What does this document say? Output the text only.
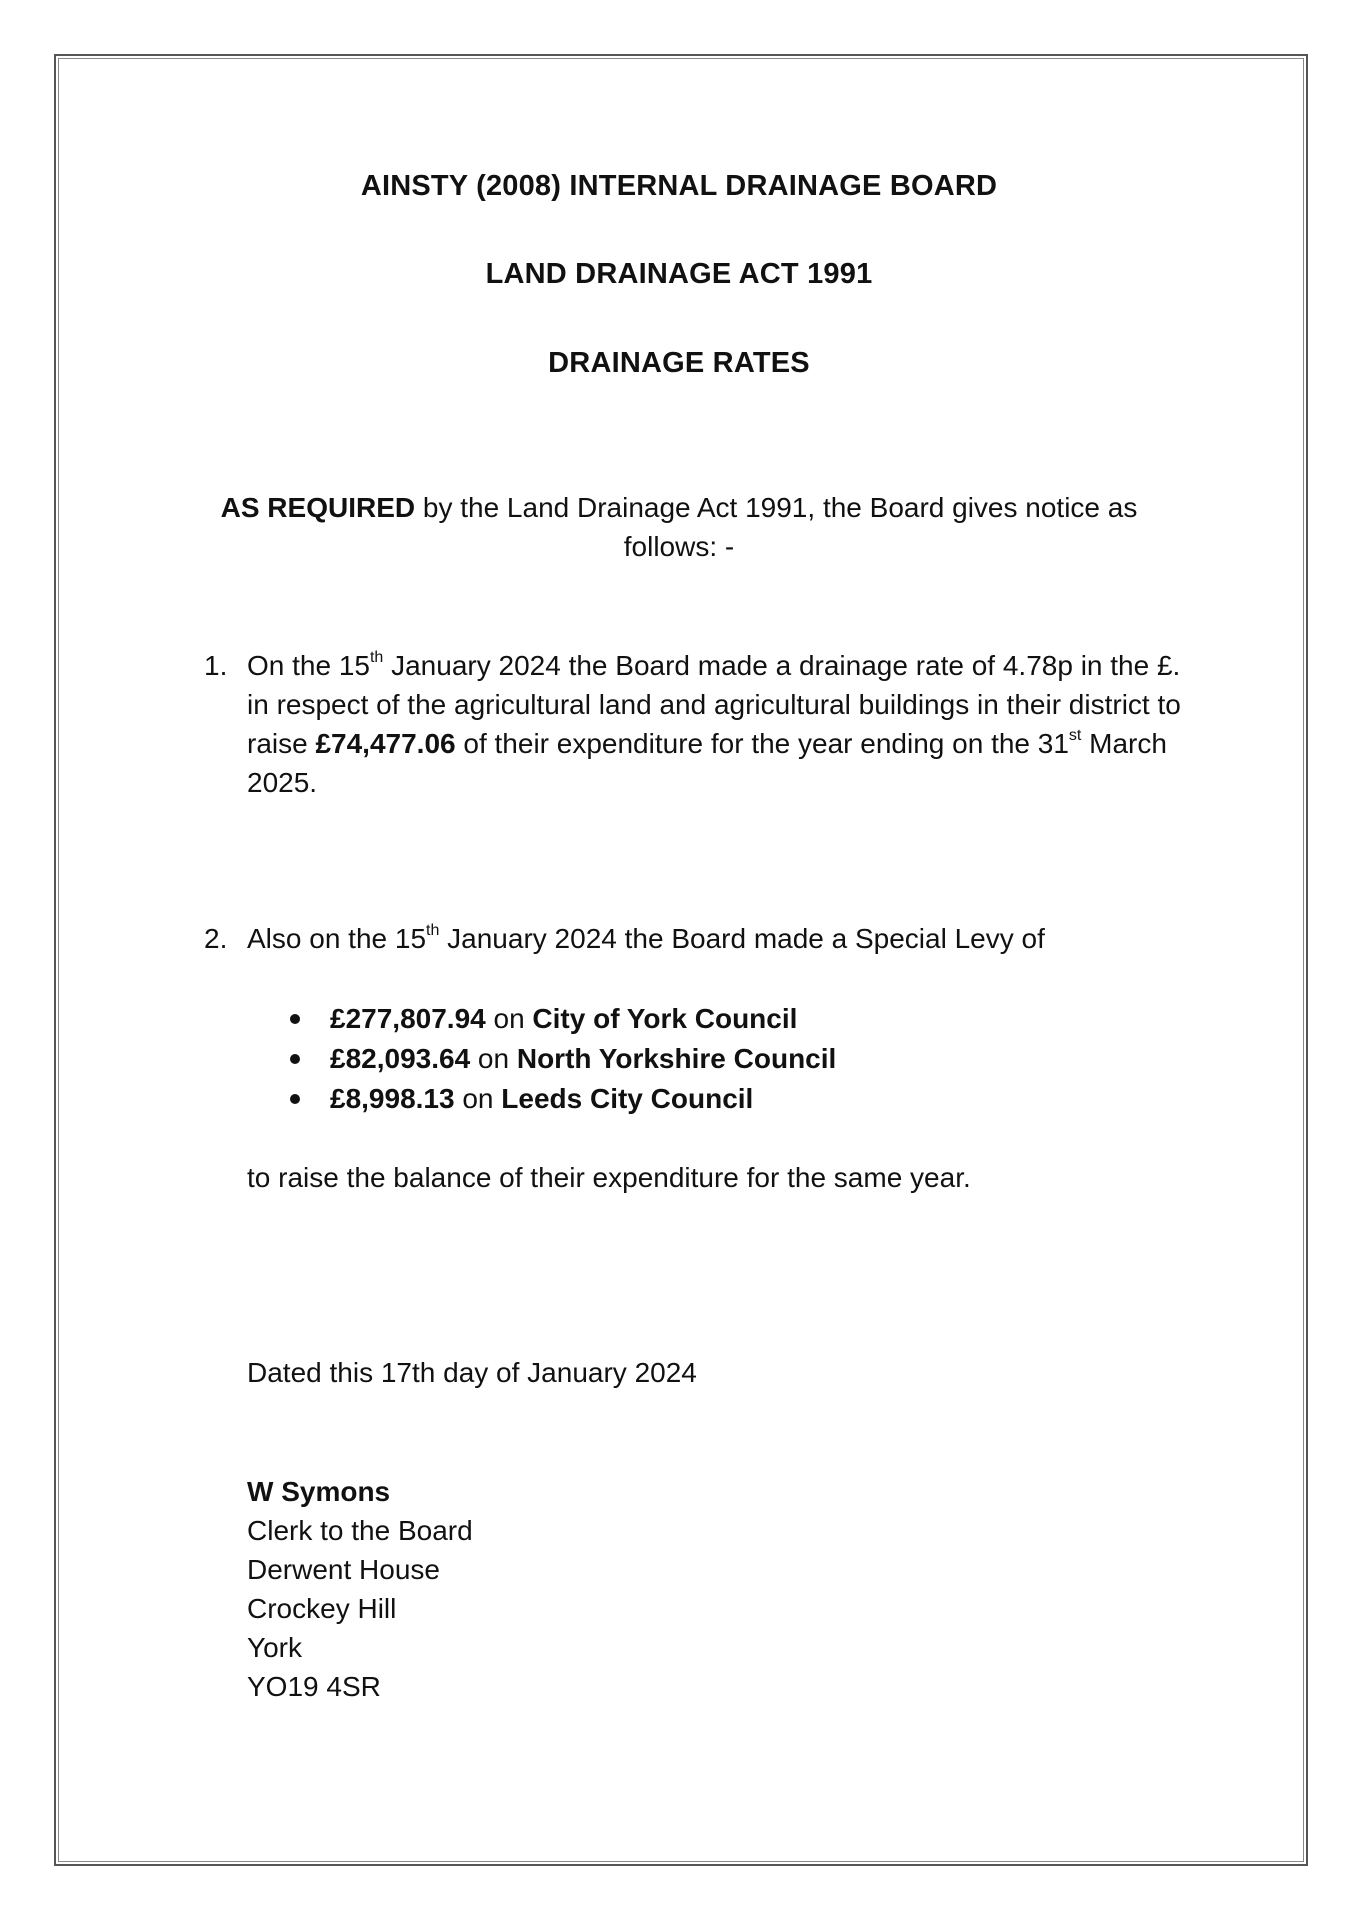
AINSTY (2008) INTERNAL DRAINAGE BOARD
LAND DRAINAGE ACT 1991
DRAINAGE RATES
AS REQUIRED by the Land Drainage Act 1991, the Board gives notice as follows: -
1. On the 15th January 2024 the Board made a drainage rate of 4.78p in the £. in respect of the agricultural land and agricultural buildings in their district to raise £74,477.06 of their expenditure for the year ending on the 31st March 2025.
2. Also on the 15th January 2024 the Board made a Special Levy of
£277,807.94 on City of York Council
£82,093.64 on North Yorkshire Council
£8,998.13 on Leeds City Council
to raise the balance of their expenditure for the same year.
Dated this 17th day of January 2024
W Symons
Clerk to the Board
Derwent House
Crockey Hill
York
YO19 4SR
